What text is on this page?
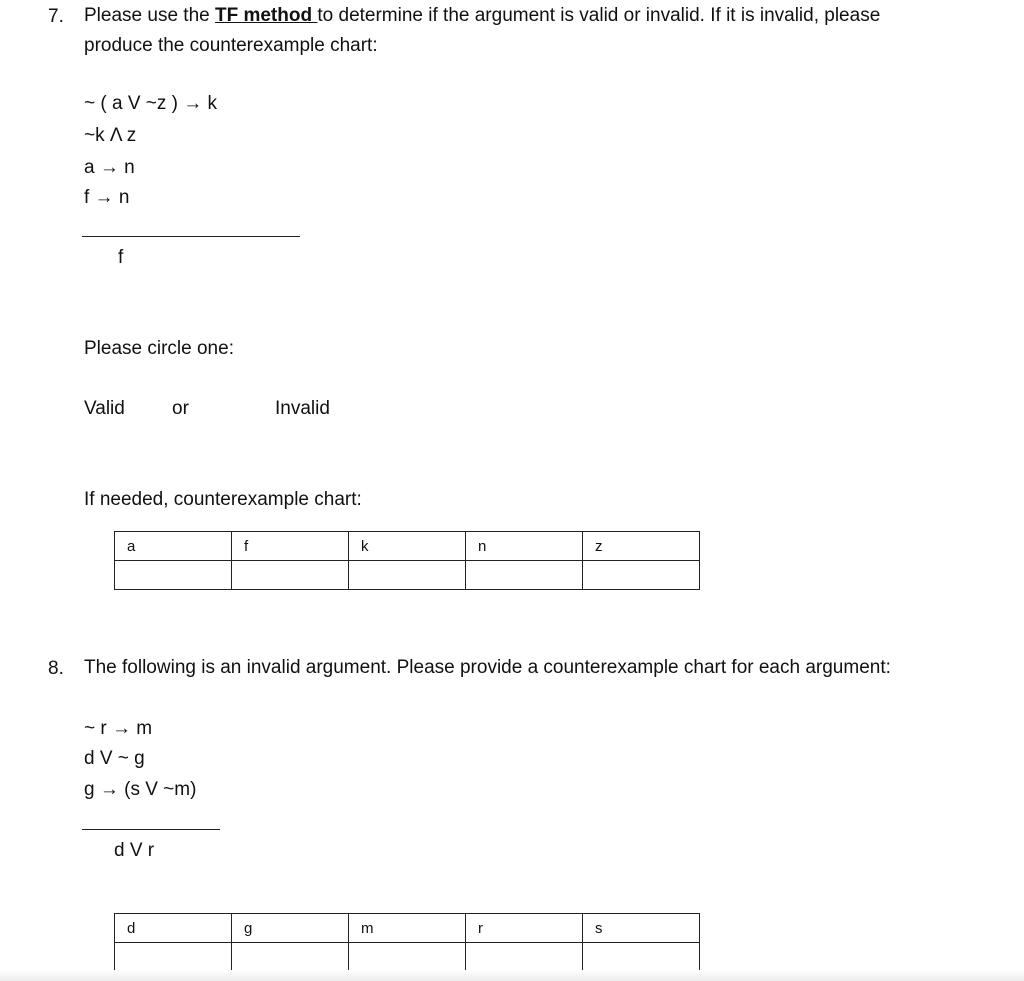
7. Please use the TF method to determine if the argument is valid or invalid. If it is invalid, please
produce the counterexample chart:
~ ( a V ~z ) → k
~k Λ z
a → n
f → n
f
Please circle one:
Valid or	Invalid
If needed, counterexample chart:
a	f	k	n	z

8. The following is an invalid argument. Please provide a counterexample chart for each argument:
~ r → m
d V ~ g
g → (s V ~m)
d V r
d	g	m	r	s
